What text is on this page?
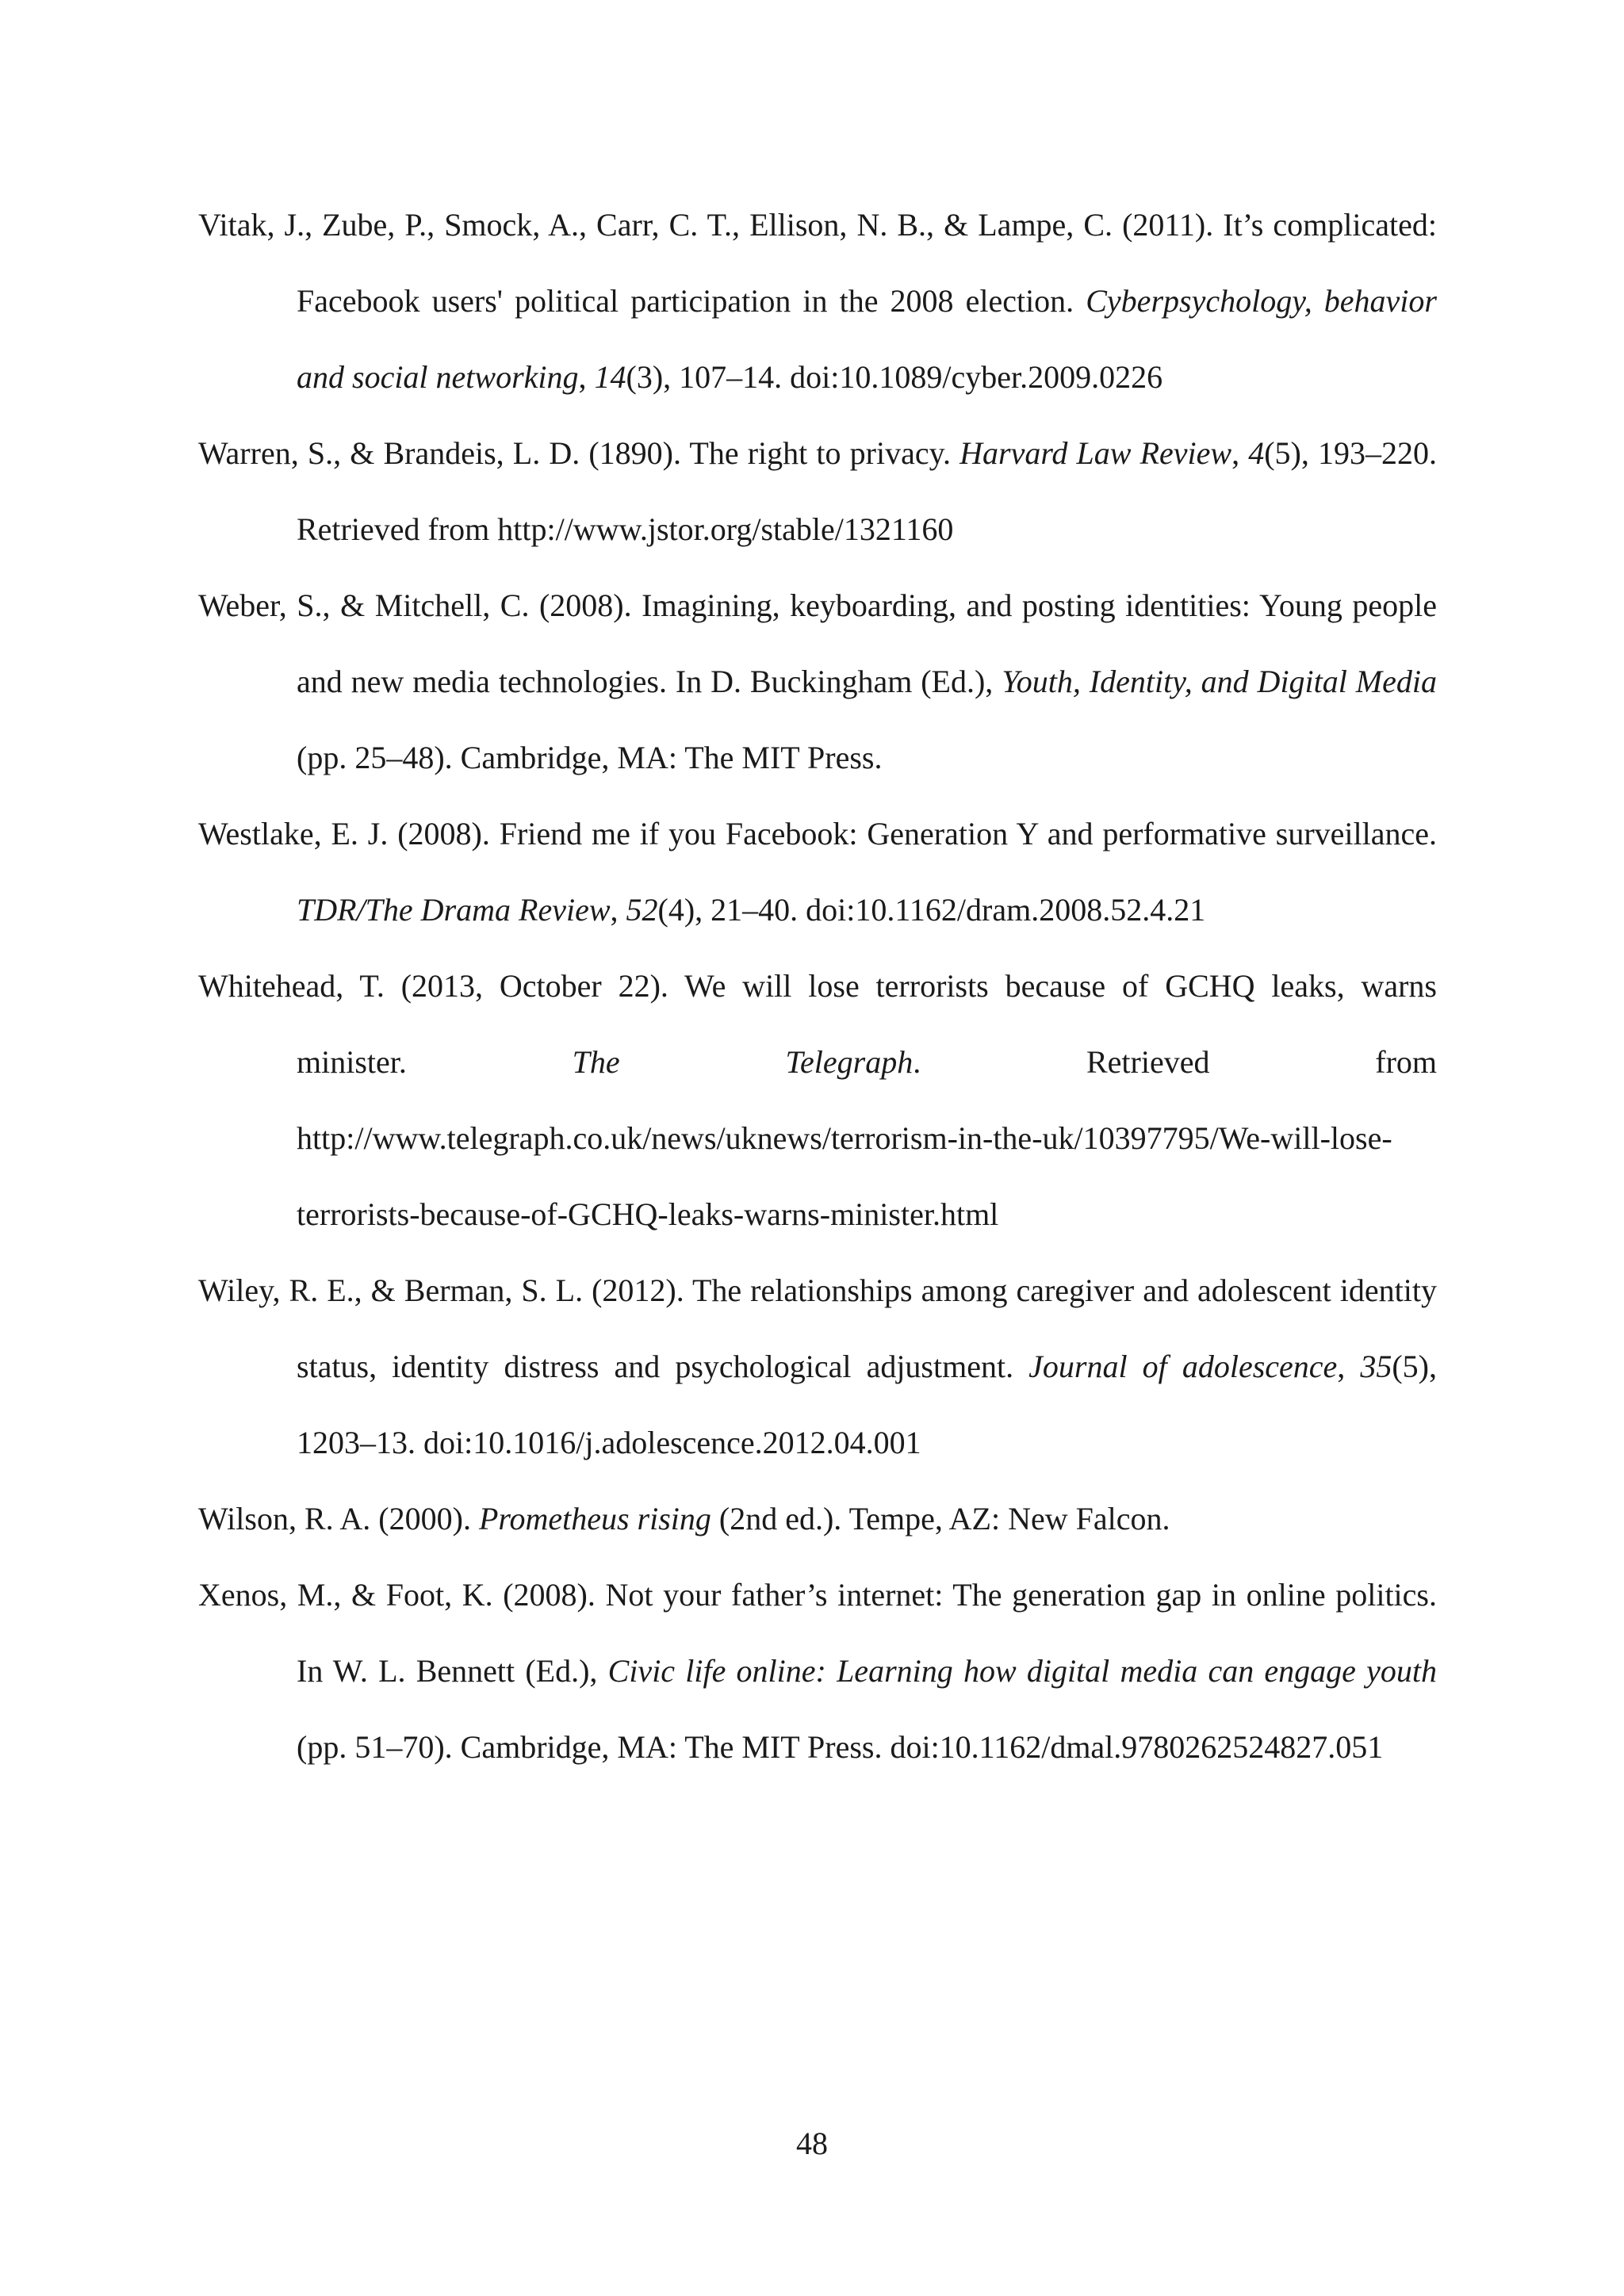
Vitak, J., Zube, P., Smock, A., Carr, C. T., Ellison, N. B., & Lampe, C. (2011). It’s complicated: Facebook users' political participation in the 2008 election. Cyberpsychology, behavior and social networking, 14(3), 107–14. doi:10.1089/cyber.2009.0226

Warren, S., & Brandeis, L. D. (1890). The right to privacy. Harvard Law Review, 4(5), 193–220. Retrieved from http://www.jstor.org/stable/1321160

Weber, S., & Mitchell, C. (2008). Imagining, keyboarding, and posting identities: Young people and new media technologies. In D. Buckingham (Ed.), Youth, Identity, and Digital Media (pp. 25–48). Cambridge, MA: The MIT Press.

Westlake, E. J. (2008). Friend me if you Facebook: Generation Y and performative surveillance. TDR/The Drama Review, 52(4), 21–40. doi:10.1162/dram.2008.52.4.21

Whitehead, T. (2013, October 22). We will lose terrorists because of GCHQ leaks, warns minister. The Telegraph. Retrieved from http://www.telegraph.co.uk/news/uknews/terrorism-in-the-uk/10397795/We-will-lose-terrorists-because-of-GCHQ-leaks-warns-minister.html

Wiley, R. E., & Berman, S. L. (2012). The relationships among caregiver and adolescent identity status, identity distress and psychological adjustment. Journal of adolescence, 35(5), 1203–13. doi:10.1016/j.adolescence.2012.04.001

Wilson, R. A. (2000). Prometheus rising (2nd ed.). Tempe, AZ: New Falcon.

Xenos, M., & Foot, K. (2008). Not your father’s internet: The generation gap in online politics. In W. L. Bennett (Ed.), Civic life online: Learning how digital media can engage youth (pp. 51–70). Cambridge, MA: The MIT Press. doi:10.1162/dmal.9780262524827.051

48
